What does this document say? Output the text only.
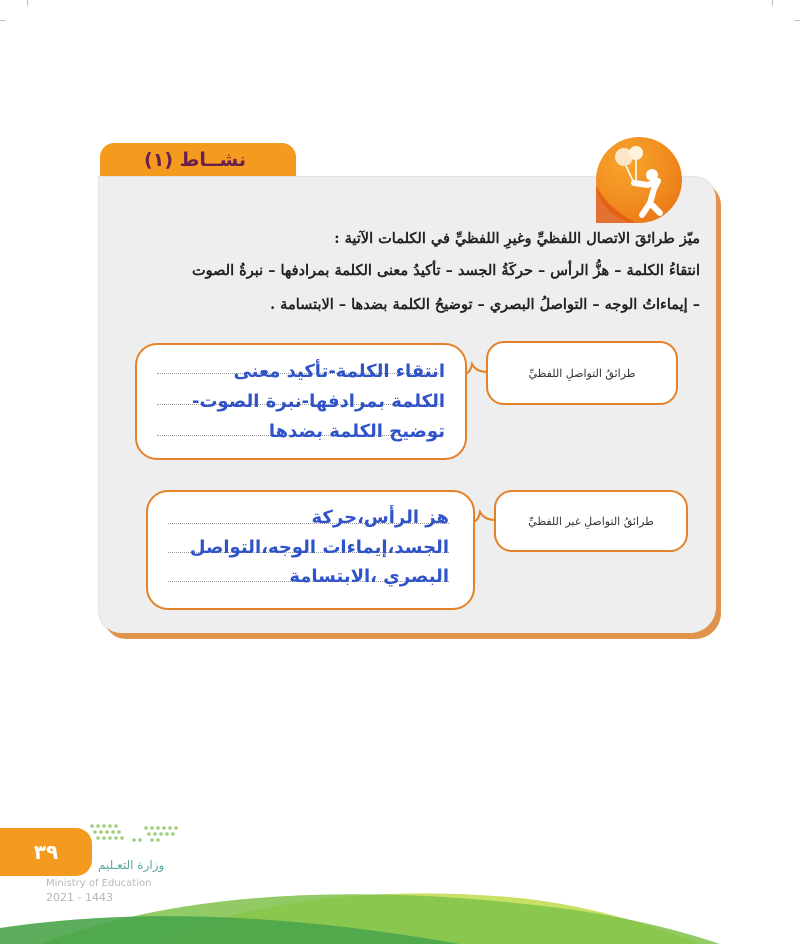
نشــاط (١)
ميّز طرائقَ الاتصال اللفظيِّ وغيرِ اللفظيِّ في الكلمات الآتية :
انتقاءُ الكلمة – هزُّ الرأس – حركَةُ الجسد – تأكيدُ معنى الكلمة بمرادفها – نبرةُ الصوت
– إيماءاتُ الوجه – التواصلُ البصري – توضيحُ الكلمة بضدها – الابتسامة .
طرائقُ التواصلِ اللفظيِّ
انتقاء الكلمة-تأكيد معنى
الكلمة بمرادفها-نبرة الصوت-
توضيح الكلمة بضدها
طرائقُ التواصلِ غير اللفظيِّ
هز الرأس،حركة
الجسد،إيماءات الوجه،التواصل
البصري ،الابتسامة
٣٩
وزارة التعـليم
Ministry of Education
2021 - 1443
